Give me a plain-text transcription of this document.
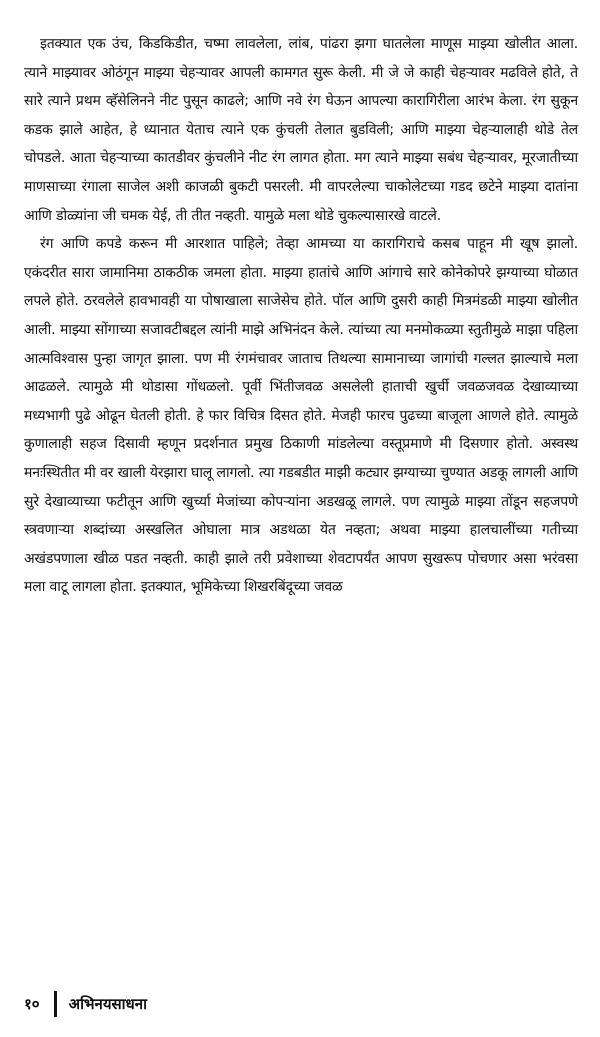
इतक्यात एक उंच, किडकिडीत, चष्मा लावलेला, लांब, पांढरा झगा घातलेला माणूस माझ्या खोलीत आला. त्याने माझ्यावर ओठंगून माझ्या चेहऱ्यावर आपली कामगत सुरू केली. मी जे जे काही चेहऱ्यावर मढविले होते, ते सारे त्याने प्रथम व्हॅसेलिनने नीट पुसून काढले; आणि नवे रंग घेऊन आपल्या कारागिरीला आरंभ केला. रंग सुकून कडक झाले आहेत, हे ध्यानात येताच त्याने एक कुंचली तेलात बुडविली; आणि माझ्या चेहऱ्यालाही थोडे तेल चोपडले. आता चेहऱ्याच्या कातडीवर कुंचलीने नीट रंग लागत होता. मग त्याने माझ्या सबंध चेहऱ्यावर, मूरजातीच्या माणसाच्या रंगाला साजेल अशी काजळी बुकटी पसरली. मी वापरलेल्या चाकोलेटच्या गडद छटेने माझ्या दातांना आणि डोळ्यांना जी चमक येई, ती तीत नव्हती. यामुळे मला थोडे चुकल्यासारखे वाटले.

रंग आणि कपडे करून मी आरशात पाहिले; तेव्हा आमच्या या कारागिराचे कसब पाहून मी खूष झालो. एकंदरीत सारा जामानिमा ठाकठीक जमला होता. माझ्या हातांचे आणि आंगाचे सारे कोनेकोपरे झग्याच्या घोळात लपले होते. ठरवलेले हावभावही या पोषाखाला साजेसेच होते. पॉल आणि दुसरी काही मित्रमंडळी माझ्या खोलीत आली. माझ्या सोंगाच्या सजावटीबद्दल त्यांनी माझे अभिनंदन केले. त्यांच्या त्या मनमोकळ्या स्तुतीमुळे माझा पहिला आत्मविश्वास पुन्हा जागृत झाला. पण मी रंगमंचावर जाताच तिथल्या सामानाच्या जागांची गल्लत झाल्याचे मला आढळले. त्यामुळे मी थोडासा गोंधळलो. पूर्वी भिंतीजवळ असलेली हाताची खुर्ची जवळजवळ देखाव्याच्या मध्यभागी पुढे ओढून घेतली होती. हे फार विचित्र दिसत होते. मेजही फारच पुढच्या बाजूला आणले होते. त्यामुळे कुणालाही सहज दिसावी म्हणून प्रदर्शनात प्रमुख ठिकाणी मांडलेल्या वस्तूप्रमाणे मी दिसणार होतो. अस्वस्थ मनःस्थितीत मी वर खाली येरझारा घालू लागलो. त्या गडबडीत माझी कट्यार झग्याच्या चुण्यात अडकू लागली आणि सुरे देखाव्याच्या फटीतून आणि खुर्च्या मेजांच्या कोपऱ्यांना अडखळू लागले. पण त्यामुळे माझ्या तोंडून सहजपणे स्त्रवणाऱ्या शब्दांच्या अस्खलित ओघाला मात्र अडथळा येत नव्हता; अथवा माझ्या हालचालींच्या गतीच्या अखंडपणाला खीळ पडत नव्हती. काही झाले तरी प्रवेशाच्या शेवटापर्यंत आपण सुखरूप पोचणार असा भरंवसा मला वाटू लागला होता. इतक्यात, भूमिकेच्या शिखरबिंदूच्या जवळ

१० अभिनयसाधना
